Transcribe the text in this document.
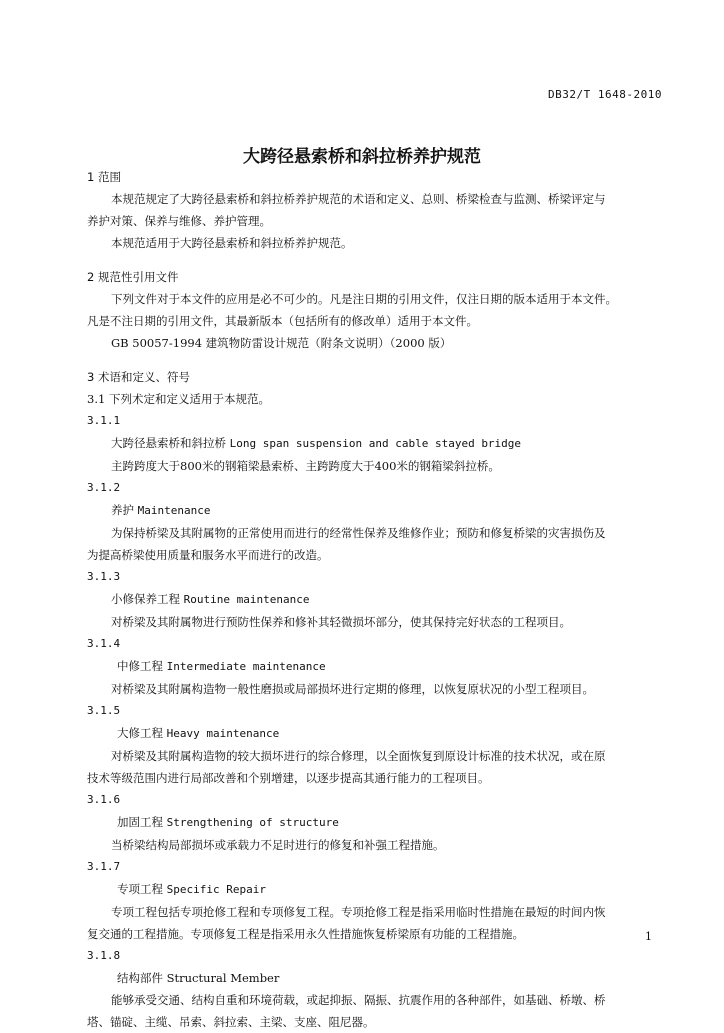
DB32/T 1648-2010
大跨径悬索桥和斜拉桥养护规范

1 范围

本规范规定了大跨径悬索桥和斜拉桥养护规范的术语和定义、总则、桥梁检查与监测、桥梁评定与

养护对策、保养与维修、养护管理。

本规范适用于大跨径悬索桥和斜拉桥养护规范。

2 规范性引用文件

下列文件对于本文件的应用是必不可少的。凡是注日期的引用文件，仅注日期的版本适用于本文件。

凡是不注日期的引用文件，其最新版本（包括所有的修改单）适用于本文件。

GB 50057-1994 建筑物防雷设计规范（附条文说明）（2000 版）

3 术语和定义、符号

3.1 下列术定和定义适用于本规范。

3.1.1

大跨径悬索桥和斜拉桥 Long span suspension and cable stayed bridge

主跨跨度大于800米的钢箱梁悬索桥、主跨跨度大于400米的钢箱梁斜拉桥。

3.1.2

养护 Maintenance

为保持桥梁及其附属物的正常使用而进行的经常性保养及维修作业；预防和修复桥梁的灾害损伤及

为提高桥梁使用质量和服务水平而进行的改造。

3.1.3

小修保养工程 Routine maintenance

对桥梁及其附属物进行预防性保养和修补其轻微损坏部分，使其保持完好状态的工程项目。

3.1.4

中修工程 Intermediate maintenance

对桥梁及其附属构造物一般性磨损或局部损坏进行定期的修理，以恢复原状况的小型工程项目。

3.1.5

大修工程 Heavy maintenance

对桥梁及其附属构造物的较大损坏进行的综合修理，以全面恢复到原设计标准的技术状况，或在原

技术等级范围内进行局部改善和个别增建，以逐步提高其通行能力的工程项目。

3.1.6

加固工程 Strengthening of structure

当桥梁结构局部损坏或承载力不足时进行的修复和补强工程措施。

3.1.7

专项工程 Specific Repair

专项工程包括专项抢修工程和专项修复工程。专项抢修工程是指采用临时性措施在最短的时间内恢

复交通的工程措施。专项修复工程是指采用永久性措施恢复桥梁原有功能的工程措施。

3.1.8

结构部件 Structural Member

能够承受交通、结构自重和环境荷载，或起抑振、隔振、抗震作用的各种部件，如基础、桥墩、桥

塔、锚碇、主缆、吊索、斜拉索、主梁、支座、阻尼器。

1
